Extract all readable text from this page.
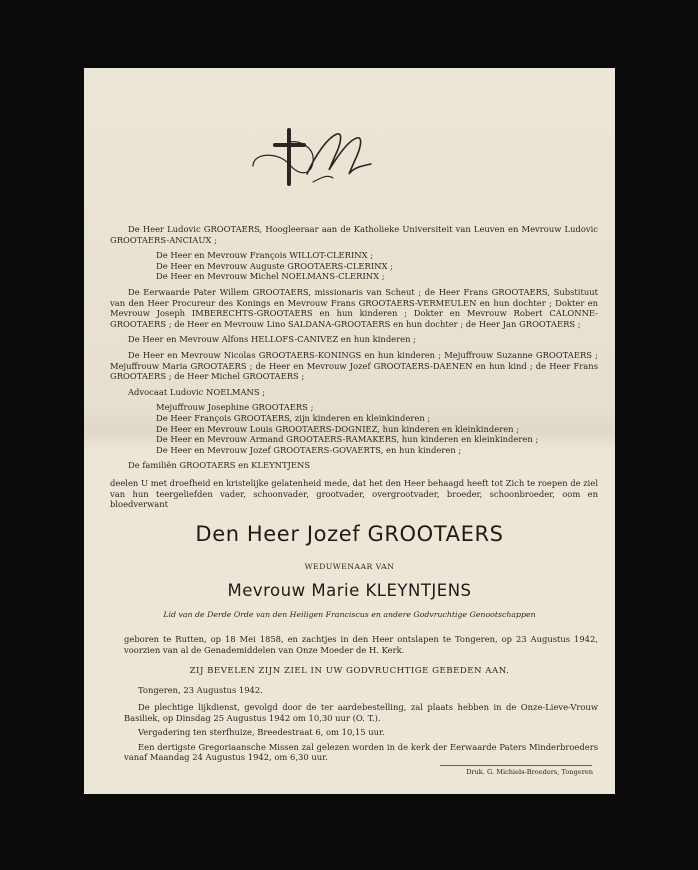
De Heer Ludovic GROOTAERS, Hoogleeraar aan de Katholieke Universiteit van Leuven en Mevrouw Ludovic GROOTAERS-ANCIAUX ;

De Heer en Mevrouw François WILLOT-CLERINX ;

De Heer en Mevrouw Auguste GROOTAERS-CLERINX ;

De Heer en Mevrouw Michel NOELMANS-CLERINX ;

De Eerwaarde Pater Willem GROOTAERS, missionaris van Scheut ; de Heer Frans GROOTAERS, Substituut van den Heer Procureur des Konings en Mevrouw Frans GROOTAERS-VERMEULEN en hun dochter ; Dokter en Mevrouw Joseph IMBERECHTS-GROOTAERS en hun kinderen ; Dokter en Mevrouw Robert CALONNE-GROOTAERS ; de Heer en Mevrouw Lino SALDANA-GROOTAERS en hun dochter ; de Heer Jan GROOTAERS ;

De Heer en Mevrouw Alfons HELLOFS-CANIVEZ en hun kinderen ;

De Heer en Mevrouw Nicolas GROOTAERS-KONINGS en hun kinderen ; Mejuffrouw Suzanne GROOTAERS ; Mejuffrouw Maria GROOTAERS ; de Heer en Mevrouw Jozef GROOTAERS-DAENEN en hun kind ; de Heer Frans GROOTAERS ; de Heer Michel GROOTAERS ;

Advocaat Ludovic NOELMANS ;

Mejuffrouw Josephine GROOTAERS ;

De Heer François GROOTAERS, zijn kinderen en kleinkinderen ;

De Heer en Mevrouw Louis GROOTAERS-DOGNIEZ, hun kinderen en kleinkinderen ;

De Heer en Mevrouw Armand GROOTAERS-RAMAKERS, hun kinderen en kleinkinderen ;

De Heer en Mevrouw Jozef GROOTAERS-GOVAERTS, en hun kinderen ;

De familiën GROOTAERS en KLEYNTJENS

deelen U met droefheid en kristelijke gelatenheid mede, dat het den Heer behaagd heeft tot Zich te roepen de ziel van hun teergeliefden vader, schoonvader, grootvader, overgrootvader, broeder, schoonbroeder, oom en bloedverwant
Den Heer Jozef GROOTAERS
WEDUWENAAR VAN
Mevrouw Marie KLEYNTJENS
Lid van de Derde Orde van den Heiligen Franciscus en andere Godvruchtige Genootschappen
geboren te Rutten, op 18 Mei 1858, en zachtjes in den Heer ontslapen te Tongeren, op 23 Augustus 1942, voorzien van al de Genademiddelen van Onze Moeder de H. Kerk.
ZIJ BEVELEN ZIJN ZIEL IN UW GODVRUCHTIGE GEBEDEN AAN.
Tongeren, 23 Augustus 1942.

De plechtige lijkdienst, gevolgd door de ter aardebestelling, zal plaats hebben in de Onze-Lieve-Vrouw Basiliek, op Dinsdag 25 Augustus 1942 om 10,30 uur (O. T.).

Vergadering ten sterfhuize, Breedestraat 6, om 10,15 uur.

Een dertigste Gregoriaansche Missen zal gelezen worden in de kerk der Eerwaarde Paters Minderbroeders vanaf Maandag 24 Augustus 1942, om 6,30 uur.

Druk. G. Michiels-Broeders, Tongeren
